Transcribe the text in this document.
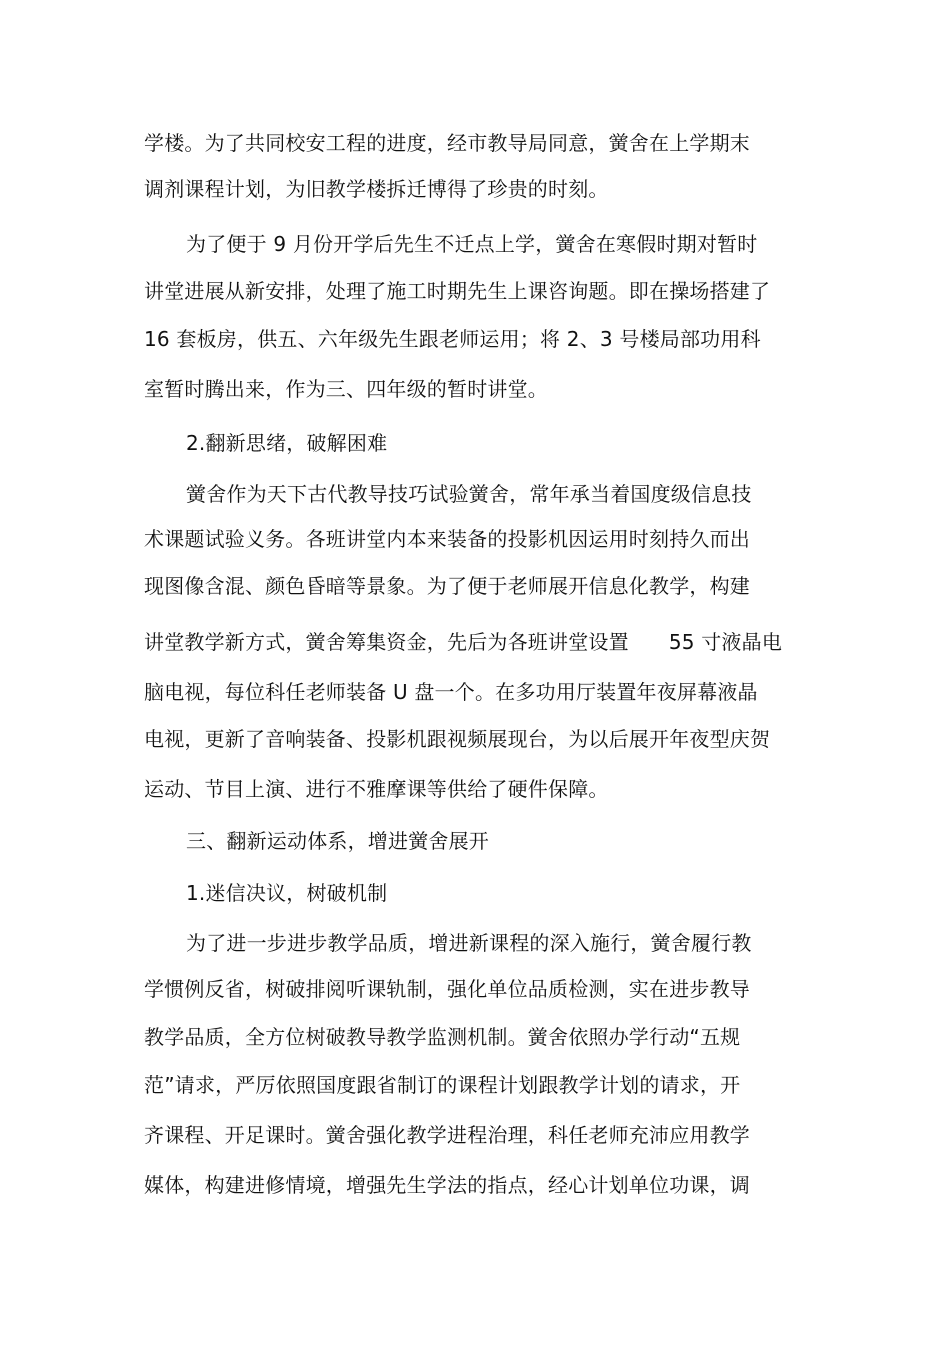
学楼。为了共同校安工程的进度，经市教导局同意，黉舍在上学期末
调剂课程计划，为旧教学楼拆迁博得了珍贵的时刻。
为了便于 9 月份开学后先生不迁点上学，黉舍在寒假时期对暂时
讲堂进展从新安排，处理了施工时期先生上课咨询题。即在操场搭建了
16 套板房，供五、六年级先生跟老师运用；将 2、3 号楼局部功用科
室暂时腾出来，作为三、四年级的暂时讲堂。
2.翻新思绪，破解困难
黉舍作为天下古代教导技巧试验黉舍，常年承当着国度级信息技
术课题试验义务。各班讲堂内本来装备的投影机因运用时刻持久而出
现图像含混、颜色昏暗等景象。为了便于老师展开信息化教学，构建
讲堂教学新方式，黉舍筹集资金，先后为各班讲堂设置 55 寸液晶电
脑电视，每位科任老师装备 U 盘一个。在多功用厅装置年夜屏幕液晶
电视，更新了音响装备、投影机跟视频展现台，为以后展开年夜型庆贺
运动、节目上演、进行不雅摩课等供给了硬件保障。
三、翻新运动体系，增进黉舍展开
1.迷信决议，树破机制
为了进一步进步教学品质，增进新课程的深入施行，黉舍履行教
学惯例反省，树破排阅听课轨制，强化单位品质检测，实在进步教导
教学品质，全方位树破教导教学监测机制。黉舍依照办学行动“五规
范”请求，严厉依照国度跟省制订的课程计划跟教学计划的请求，开
齐课程、开足课时。黉舍强化教学进程治理，科任老师充沛应用教学
媒体，构建进修情境，增强先生学法的指点，经心计划单位功课，调
